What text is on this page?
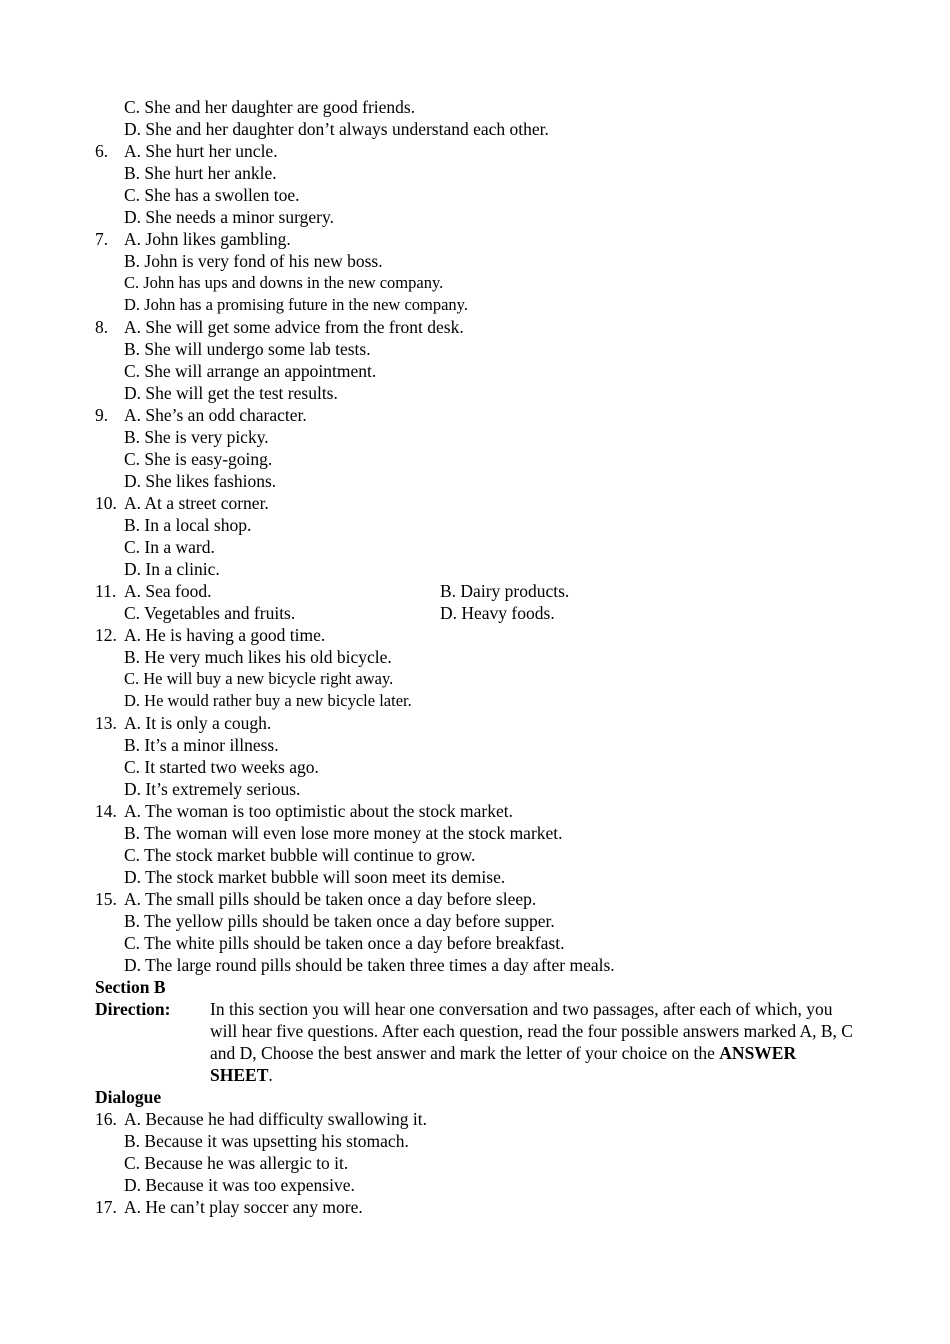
C. She and her daughter are good friends.
D. She and her daughter don’t always understand each other.
6. A. She hurt her uncle.
B. She hurt her ankle.
C. She has a swollen toe.
D. She needs a minor surgery.
7. A. John likes gambling.
B. John is very fond of his new boss.
C. John has ups and downs in the new company.
D. John has a promising future in the new company.
8. A. She will get some advice from the front desk.
B. She will undergo some lab tests.
C. She will arrange an appointment.
D. She will get the test results.
9. A. She’s an odd character.
B. She is very picky.
C. She is easy-going.
D. She likes fashions.
10. A. At a street corner.
B. In a local shop.
C. In a ward.
D. In a clinic.
11. A. Sea food.	B. Dairy products.
C. Vegetables and fruits.	D. Heavy foods.
12. A. He is having a good time.
B. He very much likes his old bicycle.
C. He will buy a new bicycle right away.
D. He would rather buy a new bicycle later.
13. A. It is only a cough.
B. It’s a minor illness.
C. It started two weeks ago.
D. It’s extremely serious.
14. A. The woman is too optimistic about the stock market.
B. The woman will even lose more money at the stock market.
C. The stock market bubble will continue to grow.
D. The stock market bubble will soon meet its demise.
15. A. The small pills should be taken once a day before sleep.
B. The yellow pills should be taken once a day before supper.
C. The white pills should be taken once a day before breakfast.
D. The large round pills should be taken three times a day after meals.
Section B
Direction: In this section you will hear one conversation and two passages, after each of which, you will hear five questions. After each question, read the four possible answers marked A, B, C and D, Choose the best answer and mark the letter of your choice on the ANSWER SHEET.
Dialogue
16. A. Because he had difficulty swallowing it.
B. Because it was upsetting his stomach.
C. Because he was allergic to it.
D. Because it was too expensive.
17. A. He can’t play soccer any more.
